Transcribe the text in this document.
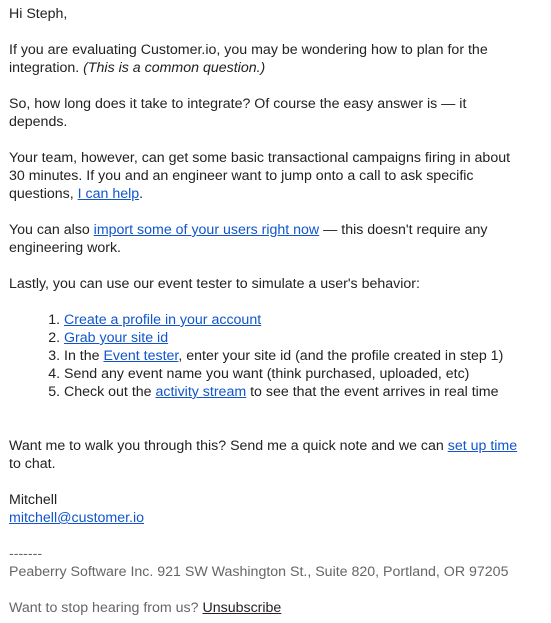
Hi Steph,

If you are evaluating Customer.io, you may be wondering how to plan for the integration. (This is a common question.)

So, how long does it take to integrate? Of course the easy answer is — it depends.

Your team, however, can get some basic transactional campaigns firing in about 30 minutes. If you and an engineer want to jump onto a call to ask specific questions, I can help.

You can also import some of your users right now — this doesn't require any engineering work.

Lastly, you can use our event tester to simulate a user's behavior:

1. Create a profile in your account
2. Grab your site id
3. In the Event tester, enter your site id (and the profile created in step 1)
4. Send any event name you want (think purchased, uploaded, etc)
5. Check out the activity stream to see that the event arrives in real time

Want me to walk you through this? Send me a quick note and we can set up time to chat.

Mitchell
mitchell@customer.io

-------
Peaberry Software Inc. 921 SW Washington St., Suite 820, Portland, OR 97205
Want to stop hearing from us? Unsubscribe
